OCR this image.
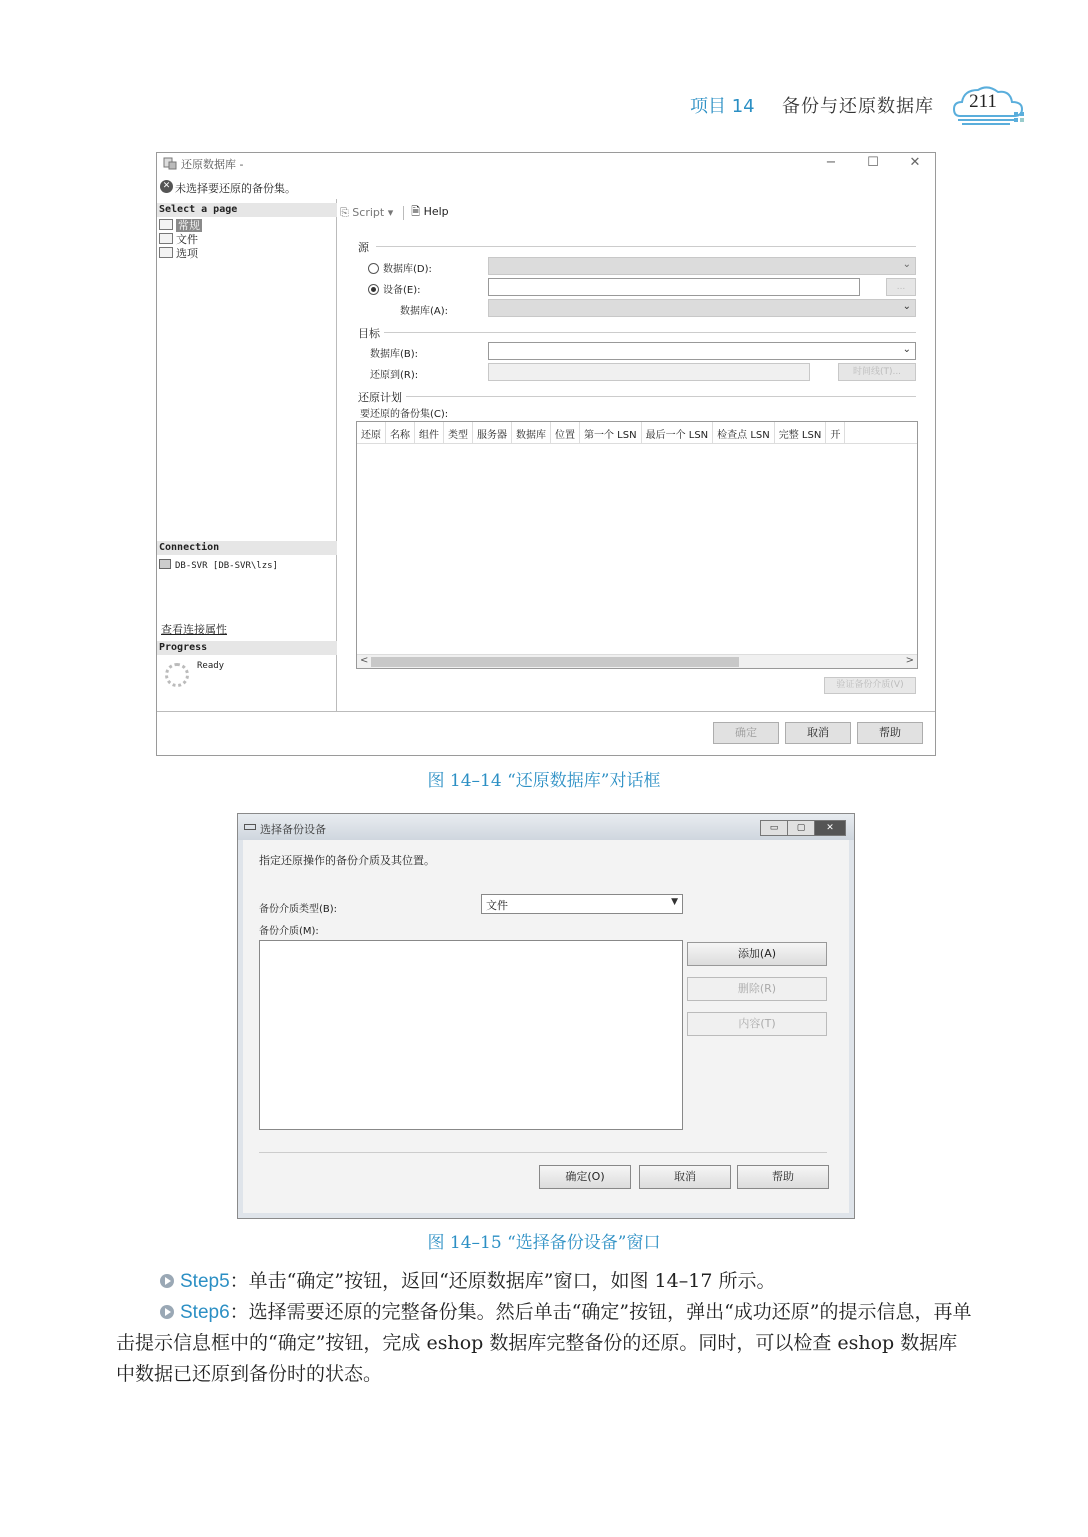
项目 14 备份与还原数据库	211
还原数据库 -	−	☐	✕
✕ 未选择要还原的备份集。
Select a page
常规
文件
选项
Connection
DB-SVR [DB-SVR\lzs]
查看连接属性
Progress
Ready
⎘ Script ▾ 🗎 Help
源
数据库(D):	⌄
设备(E):	...
数据库(A):	⌄
目标
数据库(B):	⌄
还原到(R):	时间线(T)...
还原计划
要还原的备份集(C):
还原 名称 组件 类型 服务器 数据库 位置 第一个 LSN 最后一个 LSN 检查点 LSN 完整 LSN 开
<	>
验证备份介质(V)
确定	取消	帮助
图 14–14 “还原数据库”对话框
选择备份设备	▭ ▢ ✕
指定还原操作的备份介质及其位置。
备份介质类型(B):	文件	▼
备份介质(M):
添加(A)
删除(R)
内容(T)
确定(O)	取消	帮助
图 14–15 “选择备份设备”窗口
Step5：单击“确定”按钮，返回“还原数据库”窗口，如图 14–17 所示。
Step6：选择需要还原的完整备份集。然后单击“确定”按钮，弹出“成功还原”的提示信息，再单击提示信息框中的“确定”按钮，完成 eshop 数据库完整备份的还原。同时，可以检查 eshop 数据库中数据已还原到备份时的状态。
